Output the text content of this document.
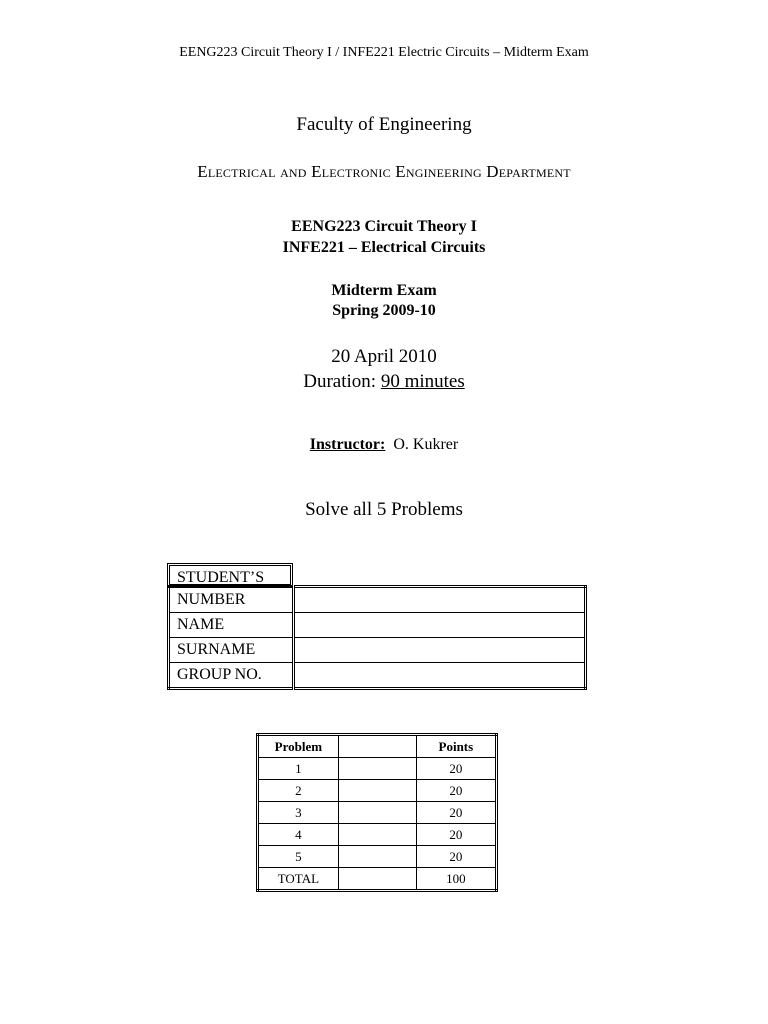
EENG223 Circuit Theory I / INFE221 Electric Circuits – Midterm Exam
Faculty of Engineering
Electrical and Electronic Engineering Department
EENG223 Circuit Theory I
INFE221 – Electrical Circuits
Midterm Exam
Spring 2009-10
20 April 2010
Duration: 90 minutes
Instructor: O. Kukrer
Solve all 5 Problems
STUDENT’S
NUMBER	
NAME	
SURNAME	
GROUP NO.	
Problem		Points
1		20
2		20
3		20
4		20
5		20
TOTAL		100
